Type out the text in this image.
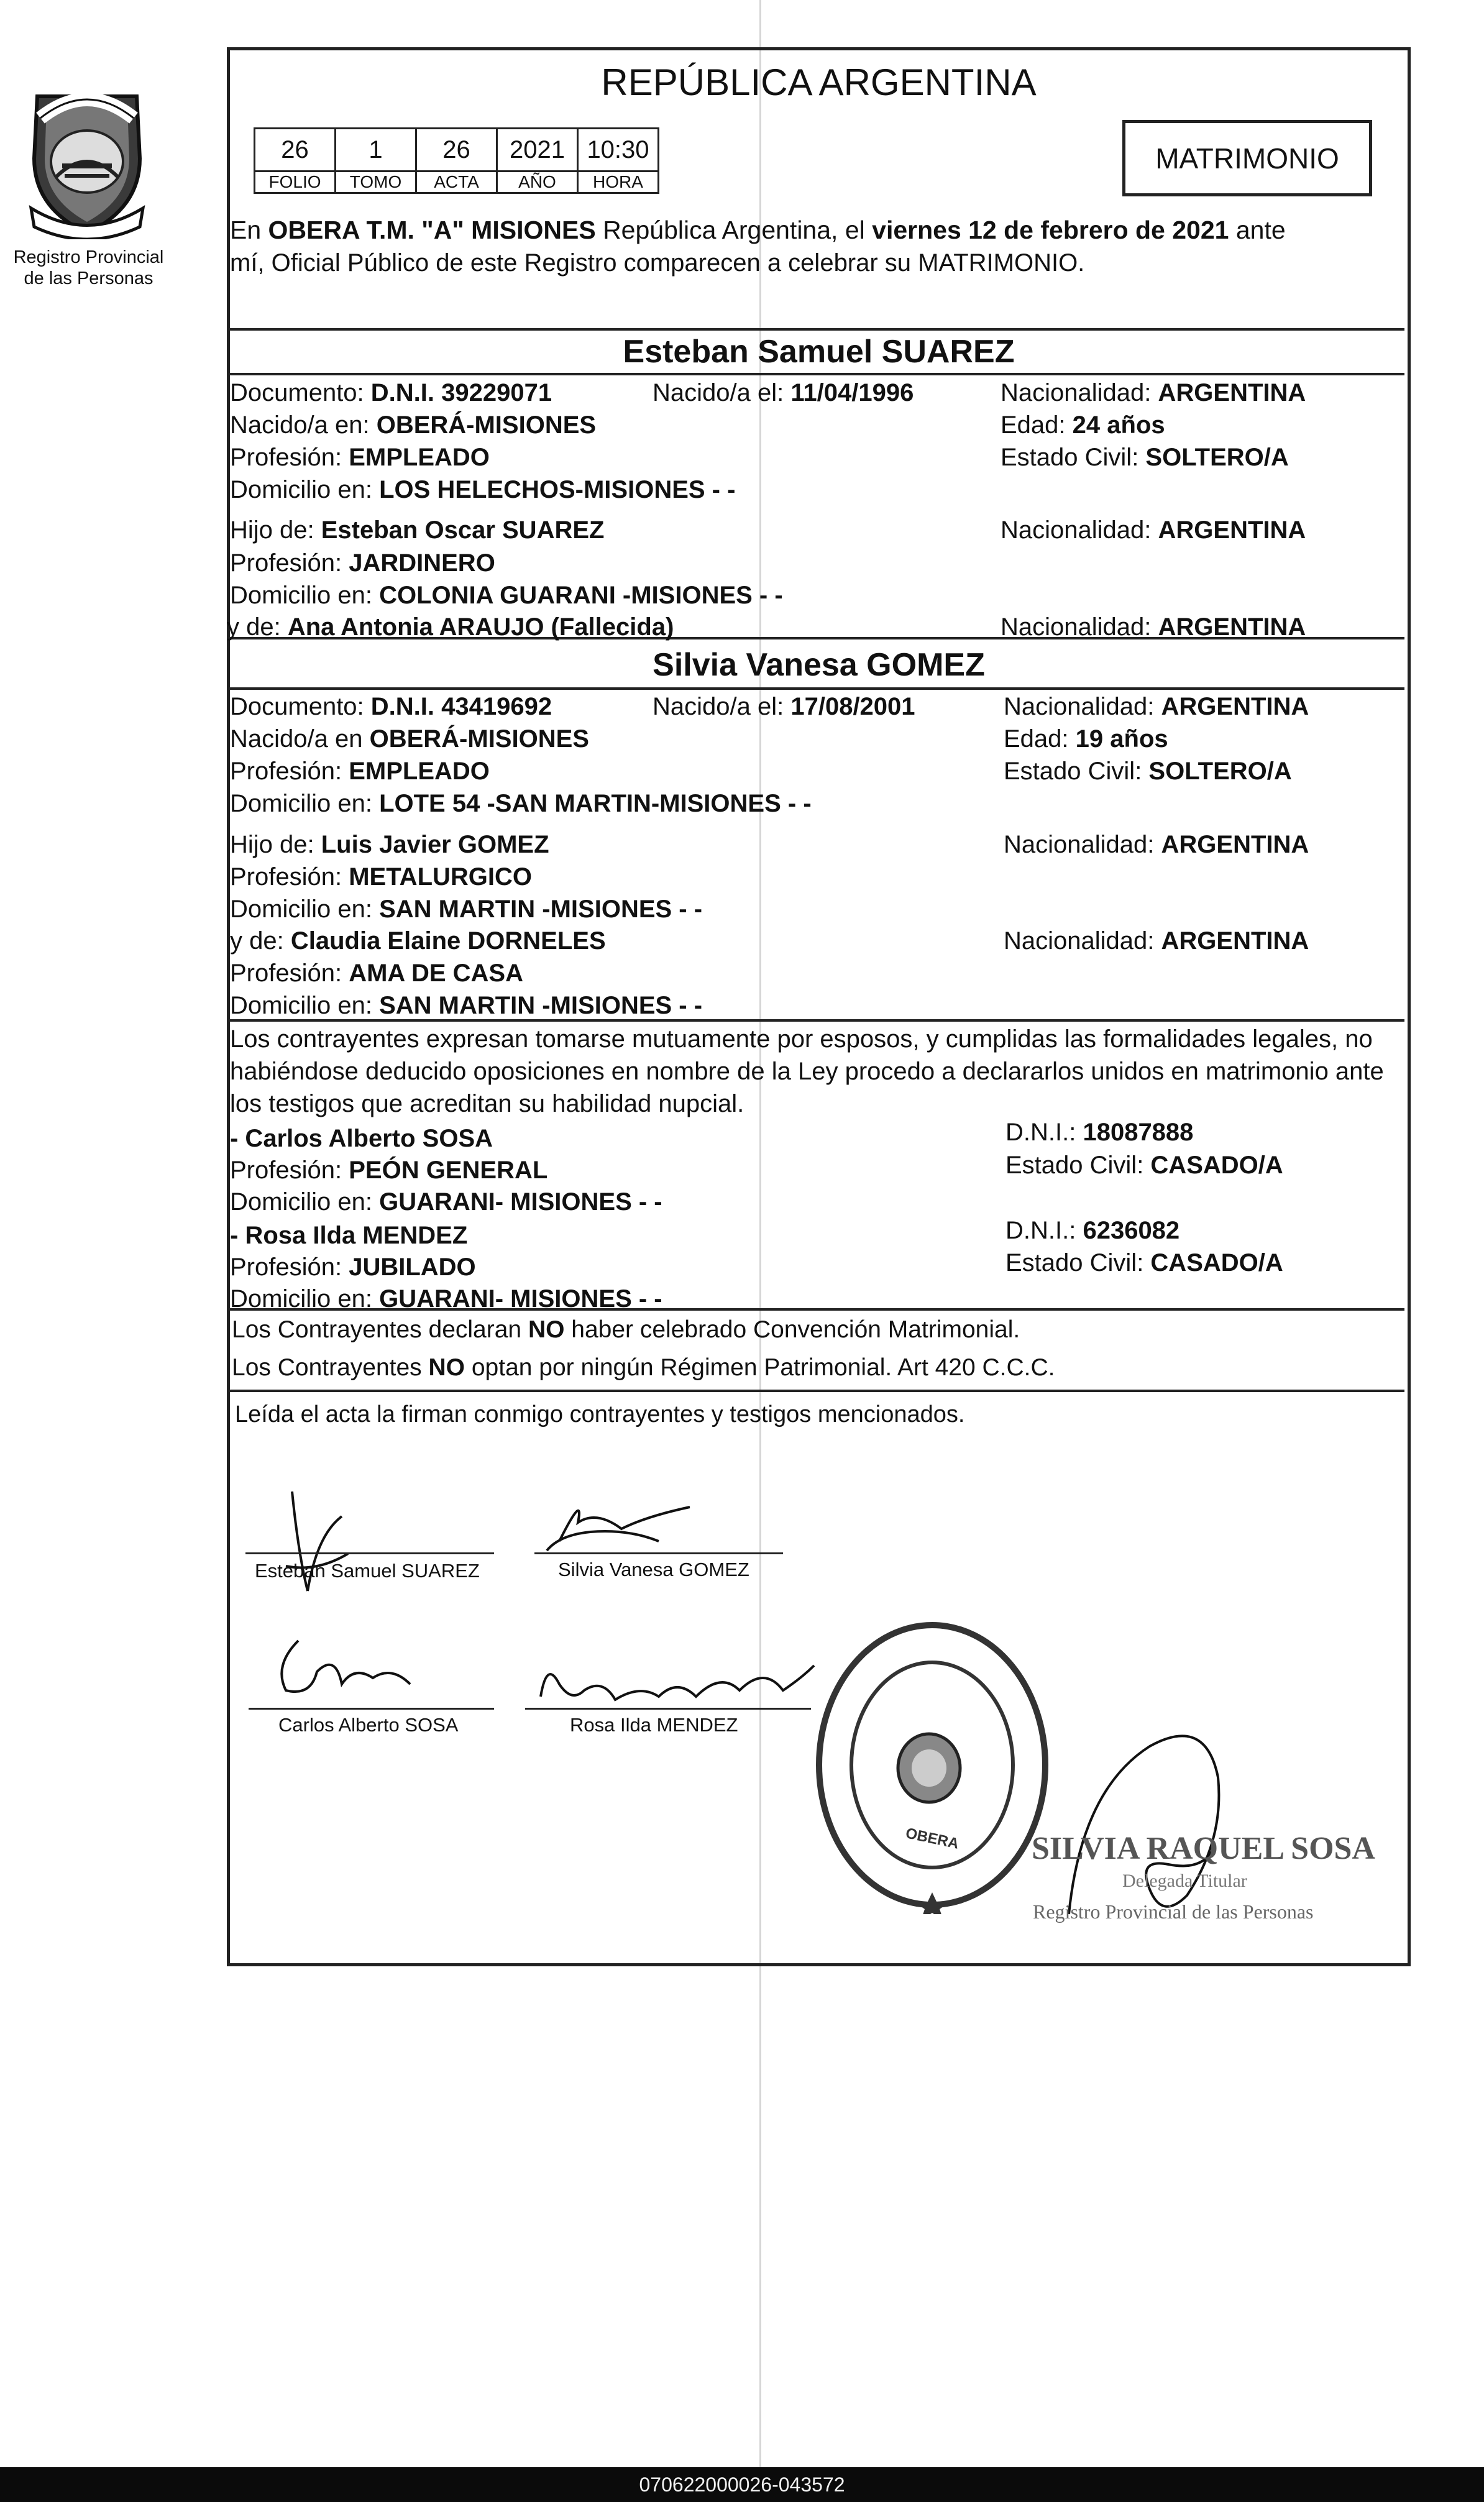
Registro Provincial
de las Personas
REPÚBLICA ARGENTINA
26	1	26	2021	10:30
FOLIO	TOMO	ACTA	AÑO	HORA
MATRIMONIO
En OBERA T.M. "A" MISIONES República Argentina, el viernes 12 de febrero de 2021 ante
mí, Oficial Público de este Registro comparecen a celebrar su MATRIMONIO.
Esteban Samuel SUAREZ
Documento: D.N.I. 39229071	Nacido/a el: 11/04/1996	Nacionalidad: ARGENTINA
Nacido/a en: OBERÁ-MISIONES	Edad: 24 años
Profesión: EMPLEADO	Estado Civil: SOLTERO/A
Domicilio en: LOS HELECHOS-MISIONES - -
Hijo de: Esteban Oscar SUAREZ	Nacionalidad: ARGENTINA
Profesión: JARDINERO
Domicilio en: COLONIA GUARANI -MISIONES - -
y de: Ana Antonia ARAUJO (Fallecida)	Nacionalidad: ARGENTINA
Silvia Vanesa GOMEZ
Documento: D.N.I. 43419692	Nacido/a el: 17/08/2001	Nacionalidad: ARGENTINA
Nacido/a en OBERÁ-MISIONES	Edad: 19 años
Profesión: EMPLEADO	Estado Civil: SOLTERO/A
Domicilio en: LOTE 54 -SAN MARTIN-MISIONES - -
Hijo de: Luis Javier GOMEZ	Nacionalidad: ARGENTINA
Profesión: METALURGICO
Domicilio en: SAN MARTIN -MISIONES - -
y de: Claudia Elaine DORNELES	Nacionalidad: ARGENTINA
Profesión: AMA DE CASA
Domicilio en: SAN MARTIN -MISIONES - -
Los contrayentes expresan tomarse mutuamente por esposos, y cumplidas las formalidades legales, no
habiéndose deducido oposiciones en nombre de la Ley procedo a declararlos unidos en matrimonio ante
los testigos que acreditan su habilidad nupcial.
- Carlos Alberto SOSA	D.N.I.: 18087888
Profesión: PEÓN GENERAL	Estado Civil: CASADO/A
Domicilio en: GUARANI- MISIONES - -
- Rosa Ilda MENDEZ	D.N.I.: 6236082
Profesión: JUBILADO	Estado Civil: CASADO/A
Domicilio en: GUARANI- MISIONES - -
Los Contrayentes declaran NO haber celebrado Convención Matrimonial.
Los Contrayentes NO optan por ningún Régimen Patrimonial. Art 420 C.C.C.
Leída el acta la firman conmigo contrayentes y testigos mencionados.
Esteban Samuel SUAREZ	Silvia Vanesa GOMEZ
Carlos Alberto SOSA	Rosa Ilda MENDEZ
OBERA SILVIA RAQUEL SOSA
Delegada Titular
Registro Provincial de las Personas
070622000026-043572
